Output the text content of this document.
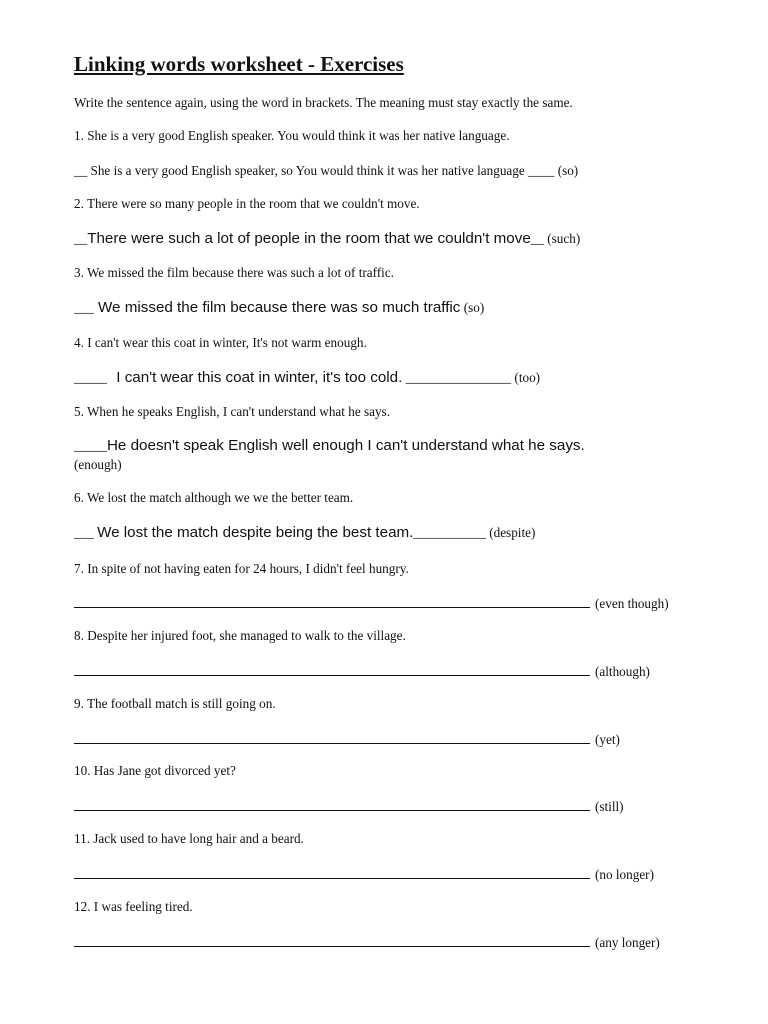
Linking words worksheet - Exercises
Write the sentence again, using the word in brackets. The meaning must stay exactly the same.
1. She is a very good English speaker. You would think it was her native language.
__ She is a very good English speaker, so You would think it was her native language ____ (so)
2. There were so many people in the room that we couldn't move.
__There were such a lot of people in the room that we couldn't move__ (such)
3. We missed the film because there was such a lot of traffic.
___ We missed the film because there was so much traffic (so)
4. I can't wear this coat in winter, It's not warm enough.
_____ I can't wear this coat in winter, it's too cold. ________________ (too)
5. When he speaks English, I can't understand what he says.
_____He doesn't speak English well enough I can't understand what he says.
(enough)
6. We lost the match although we we the better team.
___ We lost the match despite being the best team.___________ (despite)
7. In spite of not having eaten for 24 hours, I didn't feel hungry.
(even though)
8. Despite her injured foot, she managed to walk to the village.
(although)
9. The football match is still going on.
(yet)
10. Has Jane got divorced yet?
(still)
11. Jack used to have long hair and a beard.
(no longer)
12. I was feeling tired.
(any longer)
